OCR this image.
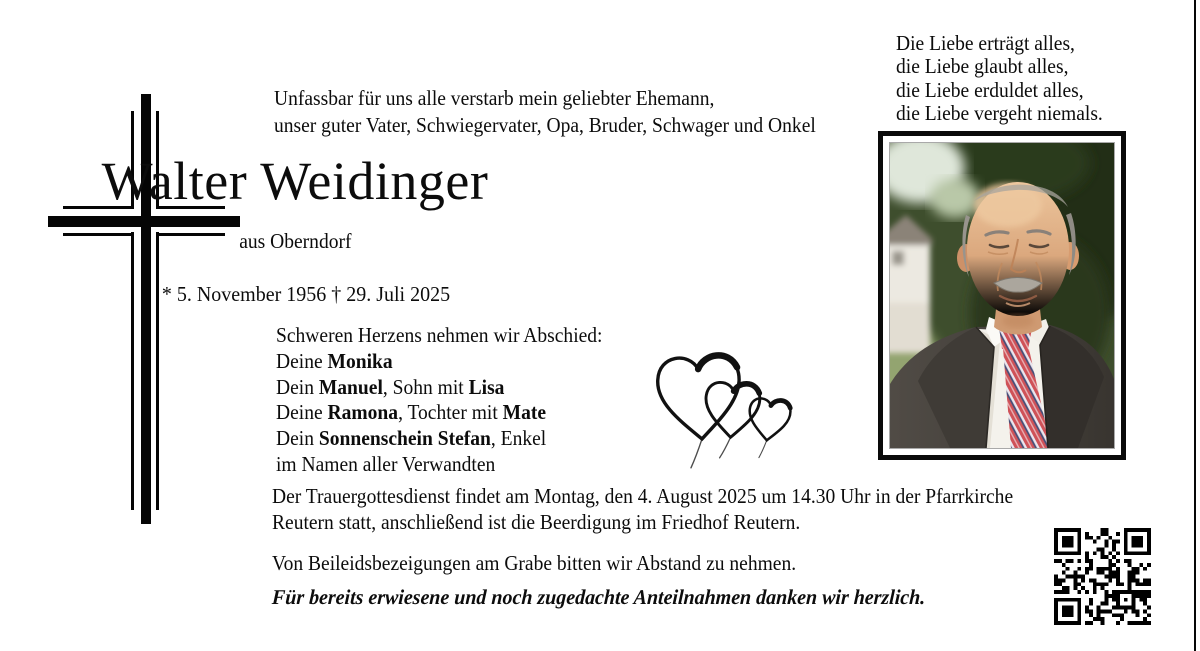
Unfassbar für uns alle verstarb mein geliebter Ehemann,
unser guter Vater, Schwiegervater, Opa, Bruder, Schwager und Onkel
Walter Weidinger
aus Oberndorf

* 5. November 1956 † 29. Juli 2025

Schweren Herzens nehmen wir Abschied:
Deine Monika
Dein Manuel, Sohn mit Lisa
Deine Ramona, Tochter mit Mate
Dein Sonnenschein Stefan, Enkel
im Namen aller Verwandten
Die Liebe erträgt alles,
die Liebe glaubt alles,
die Liebe erduldet alles,
die Liebe vergeht niemals.
Der Trauergottesdienst findet am Montag, den 4. August 2025 um 14.30 Uhr in der Pfarrkirche
Reutern statt, anschließend ist die Beerdigung im Friedhof Reutern.
Von Beileidsbezeigungen am Grabe bitten wir Abstand zu nehmen.
Für bereits erwiesene und noch zugedachte Anteilnahmen danken wir herzlich.
